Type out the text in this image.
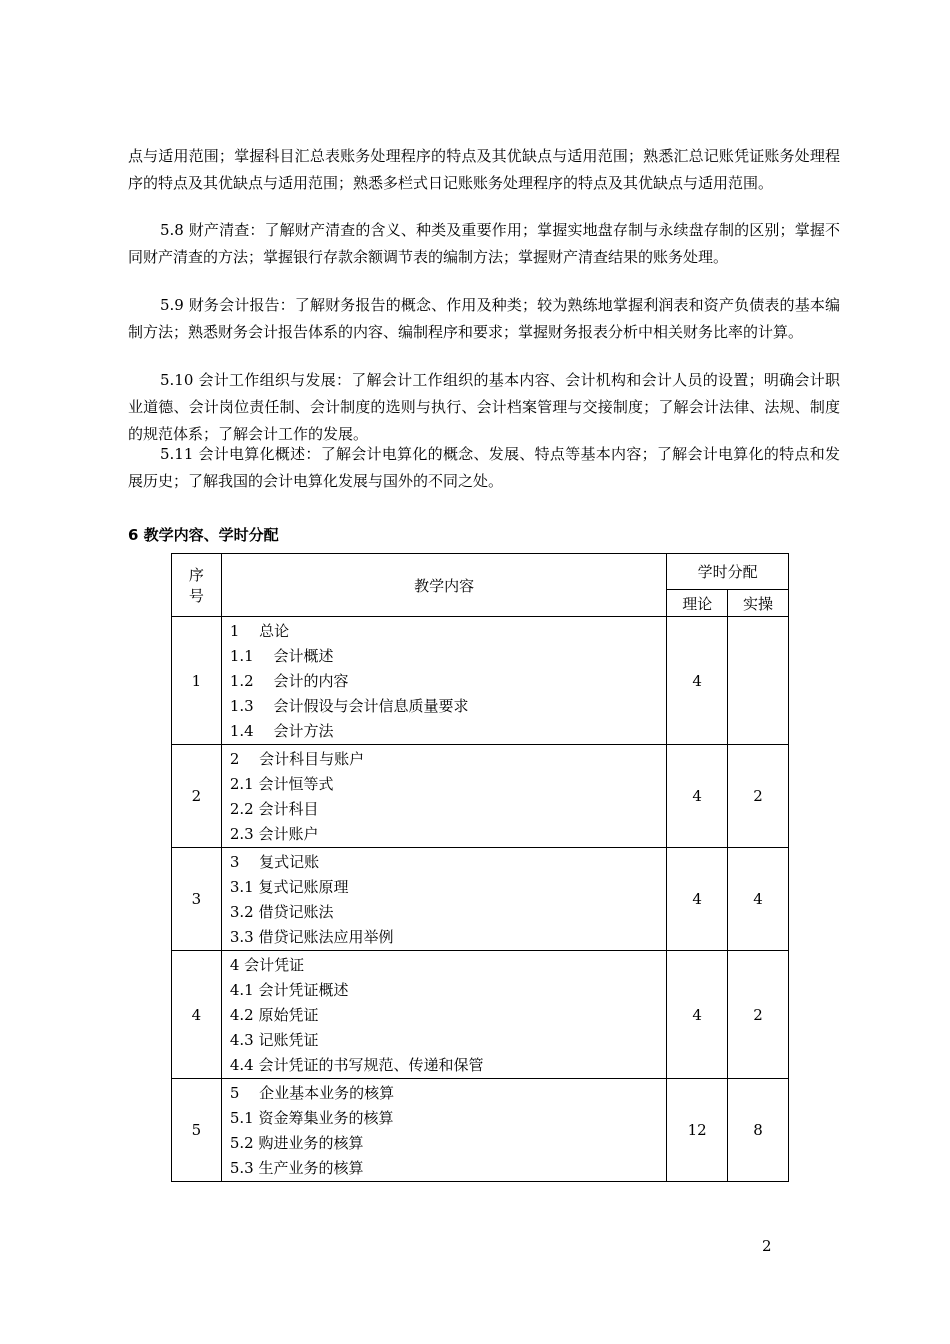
点与适用范围；掌握科目汇总表账务处理程序的特点及其优缺点与适用范围；熟悉汇总记账凭证账务处理程序的特点及其优缺点与适用范围；熟悉多栏式日记账账务处理程序的特点及其优缺点与适用范围。

5.8 财产清查：了解财产清查的含义、种类及重要作用；掌握实地盘存制与永续盘存制的区别；掌握不同财产清查的方法；掌握银行存款余额调节表的编制方法；掌握财产清查结果的账务处理。

5.9 财务会计报告：了解财务报告的概念、作用及种类；较为熟练地掌握利润表和资产负债表的基本编制方法；熟悉财务会计报告体系的内容、编制程序和要求；掌握财务报表分析中相关财务比率的计算。

5.10 会计工作组织与发展：了解会计工作组织的基本内容、会计机构和会计人员的设置；明确会计职业道德、会计岗位责任制、会计制度的选则与执行、会计档案管理与交接制度；了解会计法律、法规、制度的规范体系；了解会计工作的发展。

5.11 会计电算化概述：了解会计电算化的概念、发展、特点等基本内容；了解会计电算化的特点和发展历史；了解我国的会计电算化发展与国外的不同之处。

6 教学内容、学时分配
序号	教学内容	学时分配	
		理论	实操
1	1　 总论
1.1　 会计概述
1.2　 会计的内容
1.3　 会计假设与会计信息质量要求
1.4　 会计方法	4	
2	2　 会计科目与账户
2.1 会计恒等式
2.2 会计科目
2.3 会计账户	4	2
3	3　 复式记账
3.1 复式记账原理
3.2 借贷记账法
3.3 借贷记账法应用举例	4	4
4	4 会计凭证
4.1 会计凭证概述
4.2 原始凭证
4.3 记账凭证
4.4 会计凭证的书写规范、传递和保管	4	2
5	5　 企业基本业务的核算
5.1 资金筹集业务的核算
5.2 购进业务的核算
5.3 生产业务的核算	12	8

2
